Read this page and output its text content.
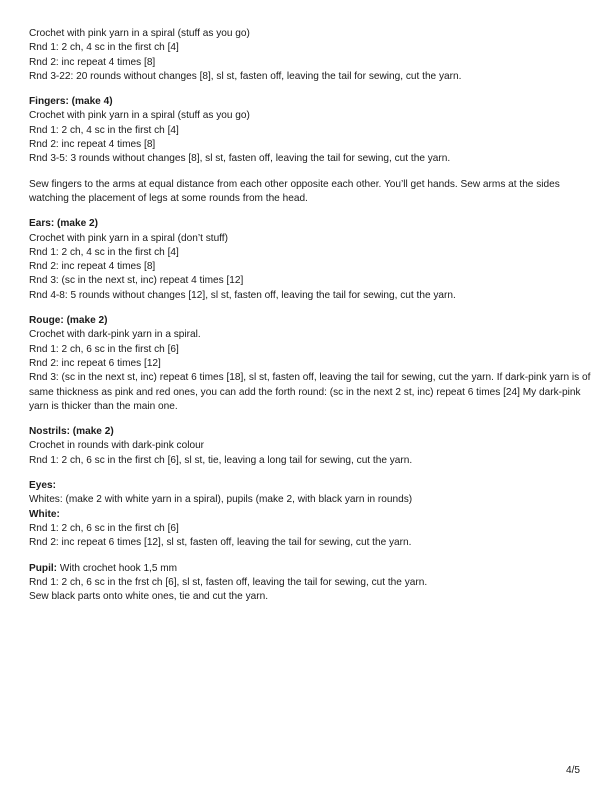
Crochet with pink yarn in a spiral (stuff as you go)
Rnd 1: 2 ch, 4 sc in the first ch [4]
Rnd 2: inc repeat 4 times [8]
Rnd 3-22: 20 rounds without changes [8], sl st, fasten off, leaving the tail for sewing, cut the yarn.
Fingers: (make 4)
Crochet with pink yarn in a spiral (stuff as you go)
Rnd 1: 2 ch, 4 sc in the first ch [4]
Rnd 2: inc repeat 4 times [8]
Rnd 3-5: 3 rounds without changes [8], sl st, fasten off, leaving the tail for sewing, cut the yarn.
Sew fingers to the arms at equal distance from each other opposite each other. You’ll get hands. Sew arms at the sides watching the placement of legs at some rounds from the head.
Ears: (make 2)
Crochet with pink yarn in a spiral (don’t stuff)
Rnd 1: 2 ch, 4 sc in the first ch [4]
Rnd 2: inc repeat 4 times [8]
Rnd 3: (sc in the next st, inc) repeat 4 times [12]
Rnd 4-8: 5 rounds without changes [12], sl st, fasten off, leaving the tail for sewing, cut the yarn.
Rouge: (make 2)
Crochet with dark-pink yarn in a spiral.
Rnd 1: 2 ch, 6 sc in the first ch [6]
Rnd 2: inc repeat 6 times [12]
Rnd 3: (sc in the next st, inc) repeat 6 times [18], sl st, fasten off, leaving the tail for sewing, cut the yarn. If dark-pink yarn is of same thickness as pink and red ones, you can add the forth round: (sc in the next 2 st, inc) repeat 6 times [24] My dark-pink yarn is thicker than the main one.
Nostrils: (make 2)
Crochet in rounds with dark-pink colour
Rnd 1: 2 ch, 6 sc in the first ch [6], sl st, tie, leaving a long tail for sewing, cut the yarn.
Eyes:
Whites: (make 2 with white yarn in a spiral), pupils (make 2, with black yarn in rounds)
White:
Rnd 1: 2 ch, 6 sc in the first ch [6]
Rnd 2: inc repeat 6 times [12], sl st, fasten off, leaving the tail for sewing, cut the yarn.
Pupil: With crochet hook 1,5 mm
Rnd 1: 2 ch, 6 sc in the frst ch [6], sl st, fasten off, leaving the tail for sewing, cut the yarn.
Sew black parts onto white ones, tie and cut the yarn.
4/5
